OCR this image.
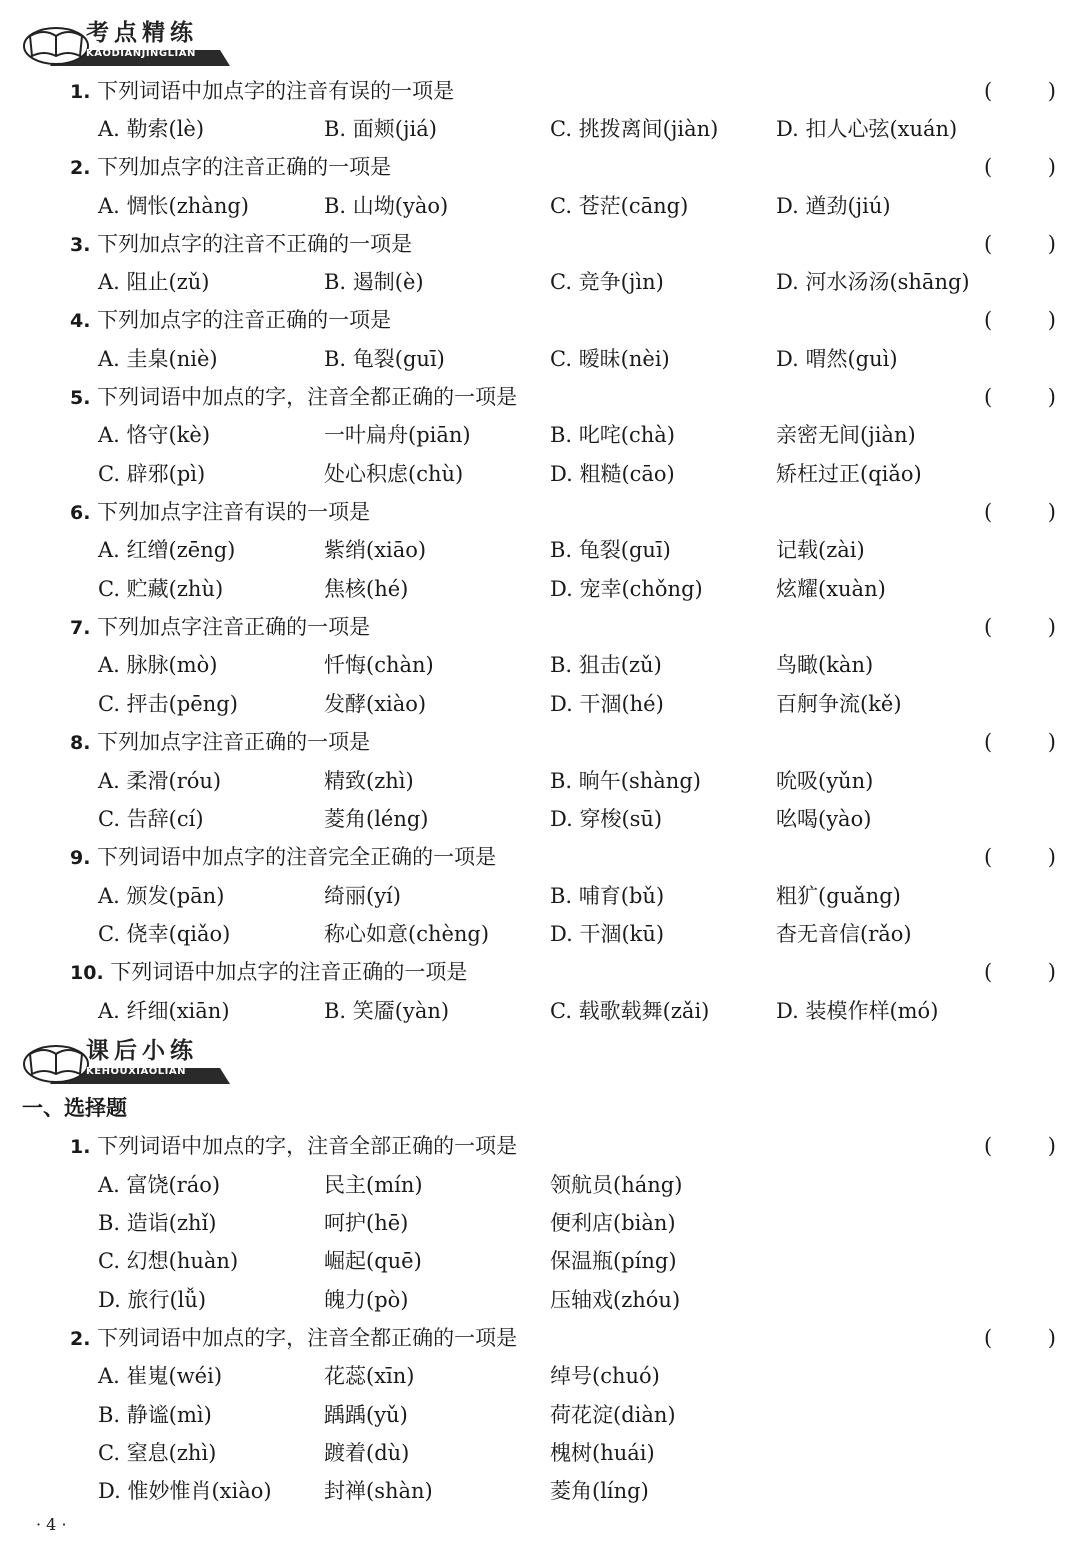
考点精练
KAODIANJINGLIAN
1. 下列词语中加点字的注音有误的一项是	(	)
A. 勒索(lè)	B. 面颊(jiá)	C. 挑拨离间(jiàn)	D. 扣人心弦(xuán)
2. 下列加点字的注音正确的一项是	(	)
A. 惆怅(zhàng)	B. 山坳(yào)	C. 苍茫(cāng)	D. 遒劲(jiú)
3. 下列加点字的注音不正确的一项是	(	)
A. 阻止(zǔ)	B. 遏制(è)	C. 竞争(jìn)	D. 河水汤汤(shāng)
4. 下列加点字的注音正确的一项是	(	)
A. 圭臬(niè)	B. 龟裂(guī)	C. 暧昧(nèi)	D. 喟然(guì)
5. 下列词语中加点的字，注音全都正确的一项是	(	)
A. 恪守(kè)	一叶扁舟(piān)	B. 叱咤(chà)	亲密无间(jiàn)
C. 辟邪(pì)	处心积虑(chù)	D. 粗糙(cāo)	矫枉过正(qiǎo)
6. 下列加点字注音有误的一项是	(	)
A. 红缯(zēng)	紫绡(xiāo)	B. 龟裂(guī)	记载(zài)
C. 贮藏(zhù)	焦核(hé)	D. 宠幸(chǒng)	炫耀(xuàn)
7. 下列加点字注音正确的一项是	(	)
A. 脉脉(mò)	忏悔(chàn)	B. 狙击(zǔ)	鸟瞰(kàn)
C. 抨击(pēng)	发酵(xiào)	D. 干涸(hé)	百舸争流(kě)
8. 下列加点字注音正确的一项是	(	)
A. 柔滑(róu)	精致(zhì)	B. 晌午(shàng)	吮吸(yǔn)
C. 告辞(cí)	菱角(léng)	D. 穿梭(sū)	吆喝(yào)
9. 下列词语中加点字的注音完全正确的一项是	(	)
A. 颁发(pān)	绮丽(yí)	B. 哺育(bǔ)	粗犷(guǎng)
C. 侥幸(qiǎo)	称心如意(chèng)	D. 干涸(kū)	杳无音信(rǎo)
10. 下列词语中加点字的注音正确的一项是	(	)
A. 纤细(xiān)	B. 笑靥(yàn)	C. 载歌载舞(zǎi)	D. 装模作样(mó)
课后小练
KEHOUXIAOLIAN
一、选择题
1. 下列词语中加点的字，注音全部正确的一项是	(	)
A. 富饶(ráo)	民主(mín)	领航员(háng)
B. 造诣(zhǐ)	呵护(hē)	便利店(biàn)
C. 幻想(huàn)	崛起(quē)	保温瓶(píng)
D. 旅行(lǚ)	魄力(pò)	压轴戏(zhóu)
2. 下列词语中加点的字，注音全都正确的一项是	(	)
A. 崔嵬(wéi)	花蕊(xīn)	绰号(chuó)
B. 静谧(mì)	踽踽(yǔ)	荷花淀(diàn)
C. 窒息(zhì)	踱着(dù)	槐树(huái)
D. 惟妙惟肖(xiào) 封禅(shàn)	菱角(líng)
· 4 ·
